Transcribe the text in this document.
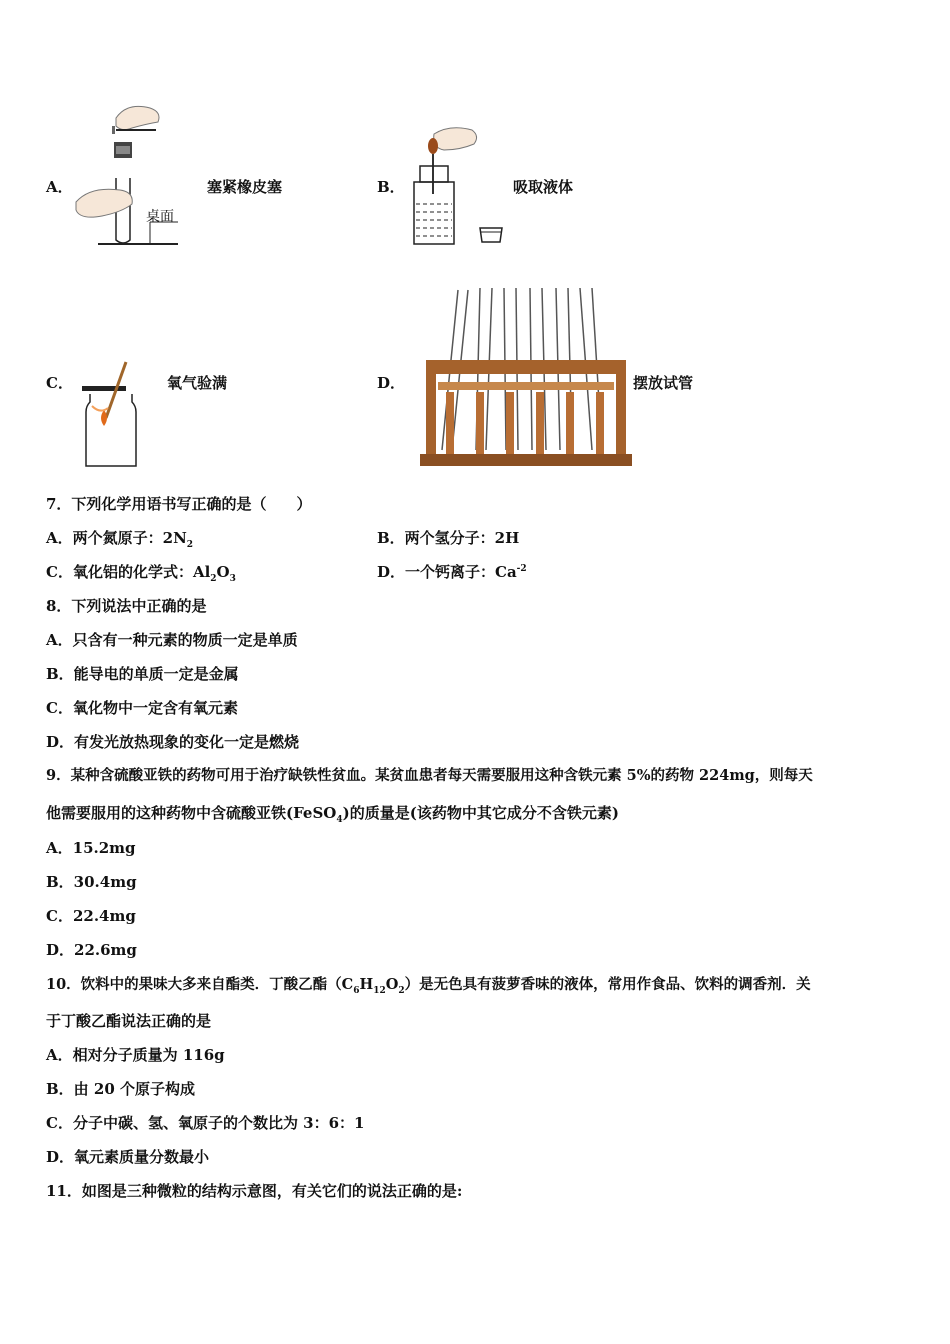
A．
桌面
塞紧橡皮塞	B．	吸取液体
C．	氧气验满	D．	摆放试管
7．下列化学用语书写正确的是（　　）
A．两个氮原子：$2N_2$	B．两个氢分子：2H
C．氧化铝的化学式：$Al_2O_3$	D．一个钙离子：$Ca^{-2}$
8．下列说法中正确的是
A．只含有一种元素的物质一定是单质
B．能导电的单质一定是金属
C．氧化物中一定含有氧元素
D．有发光放热现象的变化一定是燃烧
9．某种含硫酸亚铁的药物可用于治疗缺铁性贫血。某贫血患者每天需要服用这种含铁元素 5%的药物 224mg，则每天
他需要服用的这种药物中含硫酸亚铁(FeSO$_4$)的质量是(该药物中其它成分不含铁元素)
A．15.2mg
B．30.4mg
C．22.4mg
D．22.6mg
10．饮料中的果味大多来自酯类．丁酸乙酯$(C_6H_{12}O_2)$是无色具有菠萝香味的液体，常用作食品、饮料的调香剂．关
于丁酸乙酯说法正确的是
A．相对分子质量为 116g
B．由 20 个原子构成
C．分子中碳、氢、氧原子的个数比为 3：6：1
D．氧元素质量分数最小
11．如图是三种微粒的结构示意图，有关它们的说法正确的是:
